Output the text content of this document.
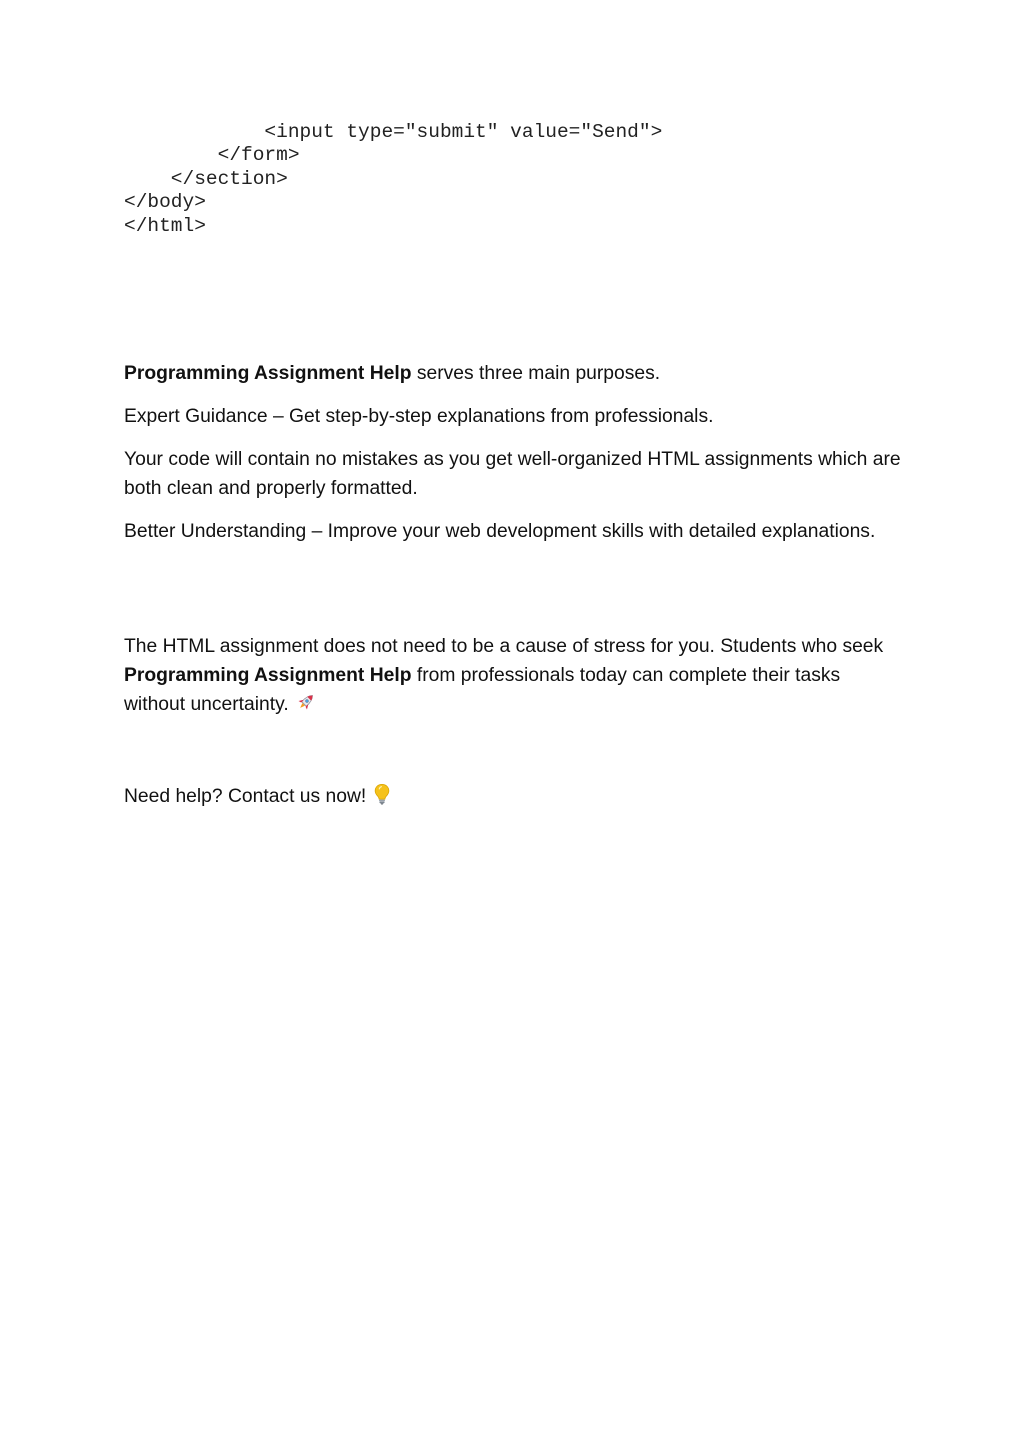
<input type="submit" value="Send">
</form>
</section>
</body>
</html>

Programming Assignment Help serves three main purposes.

Expert Guidance – Get step-by-step explanations from professionals.

Your code will contain no mistakes as you get well-organized HTML assignments which are both clean and properly formatted.

Better Understanding – Improve your web development skills with detailed explanations.

The HTML assignment does not need to be a cause of stress for you. Students who seek Programming Assignment Help from professionals today can complete their tasks without uncertainty.

Need help? Contact us now!
